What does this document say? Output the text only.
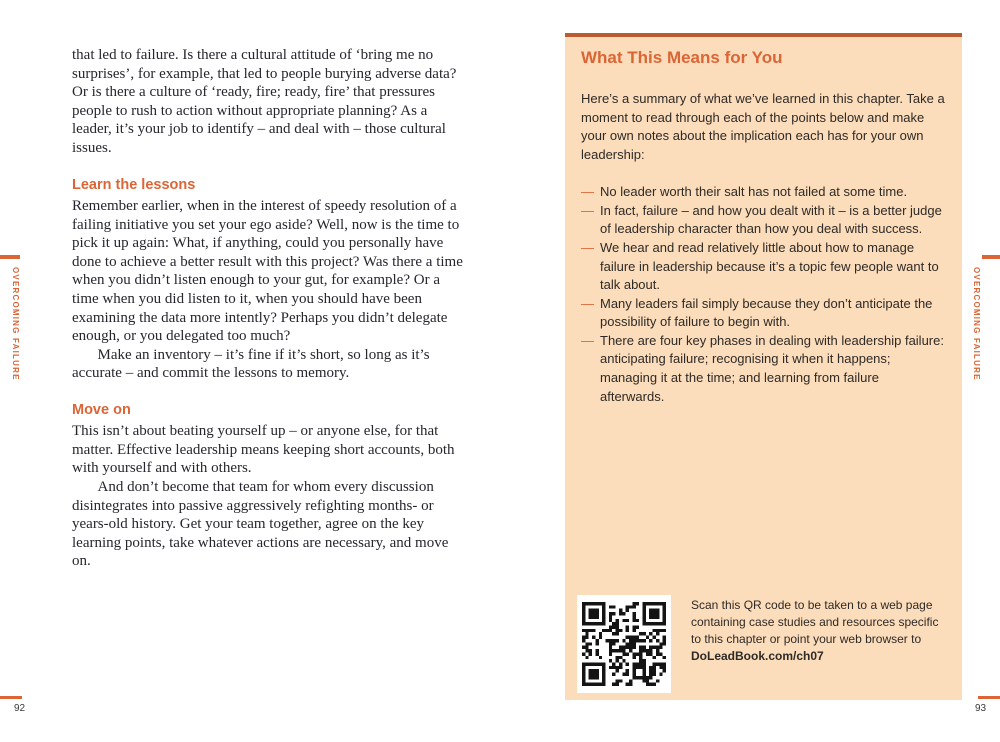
that led to failure. Is there a cultural attitude of ‘bring me no surprises’, for example, that led to people burying adverse data? Or is there a culture of ‘ready, fire; ready, fire’ that pressures people to rush to action without appropriate planning? As a leader, it’s your job to identify – and deal with – those cultural issues.

Learn the lessons

Remember earlier, when in the interest of speedy resolution of a failing initiative you set your ego aside? Well, now is the time to pick it up again: What, if anything, could you personally have done to achieve a better result with this project? Was there a time when you didn’t listen enough to your gut, for example? Or a time when you did listen to it, when you should have been examining the data more intently? Perhaps you didn’t delegate enough, or you delegated too much?

Make an inventory – it’s fine if it’s short, so long as it’s accurate – and commit the lessons to memory.

Move on

This isn’t about beating yourself up – or anyone else, for that matter. Effective leadership means keeping short accounts, both with yourself and with others.

And don’t become that team for whom every discussion disintegrates into passive aggressively refighting months- or years-old history. Get your team together, agree on the key learning points, take whatever actions are necessary, and move on.

What This Means for You

Here’s a summary of what we’ve learned in this chapter. Take a moment to read through each of the points below and make your own notes about the implication each has for your own leadership:

— No leader worth their salt has not failed at some time.
— In fact, failure – and how you dealt with it – is a better judge of leadership character than how you deal with success.
— We hear and read relatively little about how to manage failure in leadership because it’s a topic few people want to talk about.
— Many leaders fail simply because they don’t anticipate the possibility of failure to begin with.
— There are four key phases in dealing with leadership failure: anticipating failure; recognising it when it happens; managing it at the time; and learning from failure afterwards.
Scan this QR code to be taken to a web page containing case studies and resources specific to this chapter or point your web browser to DoLeadBook.com/ch07
OVERCOMING FAILURE	OVERCOMING FAILURE
92	93
